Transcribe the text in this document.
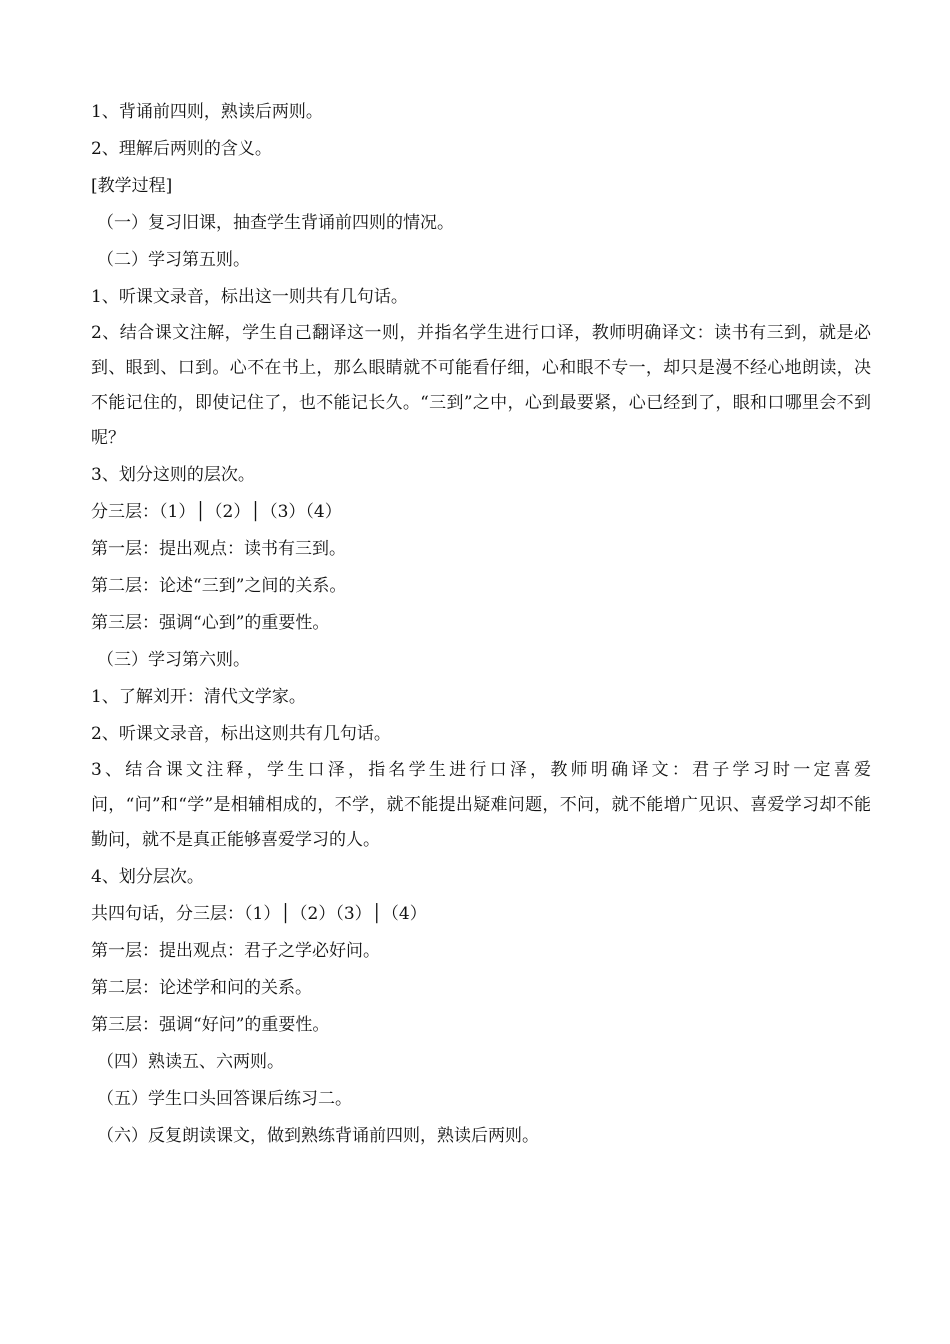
1、背诵前四则，熟读后两则。
2、理解后两则的含义。
[教学过程]
（一）复习旧课，抽查学生背诵前四则的情况。
（二）学习第五则。
1、听课文录音，标出这一则共有几句话。
2、结合课文注解，学生自己翻译这一则，并指名学生进行口译，教师明确译文：读书有三到，就是必到、眼到、口到。心不在书上，那么眼睛就不可能看仔细，心和眼不专一，却只是漫不经心地朗读，决不能记住的，即使记住了，也不能记长久。“三到”之中，心到最要紧，心已经到了，眼和口哪里会不到呢？
3、划分这则的层次。
分三层：（1）│（2）│（3）（4）
第一层：提出观点：读书有三到。
第二层：论述“三到”之间的关系。
第三层：强调“心到”的重要性。
（三）学习第六则。
1、了解刘开：清代文学家。
2、听课文录音，标出这则共有几句话。
3、结合课文注释，学生口泽，指名学生进行口泽，教师明确译文：君子学习时一定喜爱问，“问”和“学”是相辅相成的，不学，就不能提出疑难问题，不问，就不能增广见识、喜爱学习却不能勤问，就不是真正能够喜爱学习的人。
4、划分层次。
共四句话，分三层：（1）│（2）（3）│（4）
第一层：提出观点：君子之学必好问。
第二层：论述学和问的关系。
第三层：强调“好问”的重要性。
（四）熟读五、六两则。
（五）学生口头回答课后练习二。
（六）反复朗读课文，做到熟练背诵前四则，熟读后两则。
